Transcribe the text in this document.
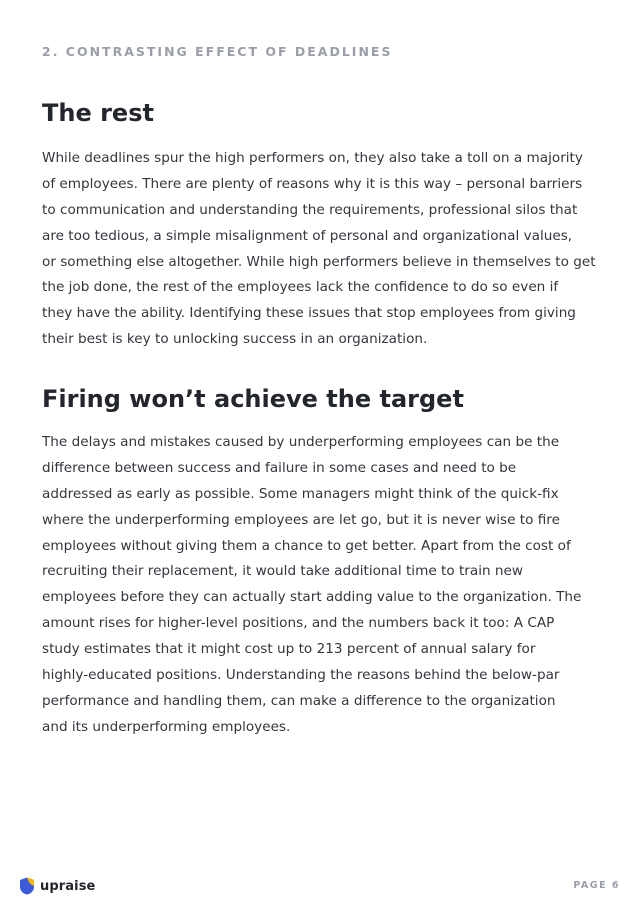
2. CONTRASTING EFFECT OF DEADLINES
The rest
While deadlines spur the high performers on, they also take a toll on a majority
of employees. There are plenty of reasons why it is this way – personal barriers
to communication and understanding the requirements, professional silos that
are too tedious, a simple misalignment of personal and organizational values,
or something else altogether. While high performers believe in themselves to get
the job done, the rest of the employees lack the confidence to do so even if
they have the ability. Identifying these issues that stop employees from giving
their best is key to unlocking success in an organization.
Firing won’t achieve the target
The delays and mistakes caused by underperforming employees can be the
difference between success and failure in some cases and need to be
addressed as early as possible. Some managers might think of the quick-fix
where the underperforming employees are let go, but it is never wise to fire
employees without giving them a chance to get better. Apart from the cost of
recruiting their replacement, it would take additional time to train new
employees before they can actually start adding value to the organization. The
amount rises for higher-level positions, and the numbers back it too: A CAP
study estimates that it might cost up to 213 percent of annual salary for
highly-educated positions. Understanding the reasons behind the below-par
performance and handling them, can make a difference to the organization
and its underperforming employees.
upraise	PAGE 6
